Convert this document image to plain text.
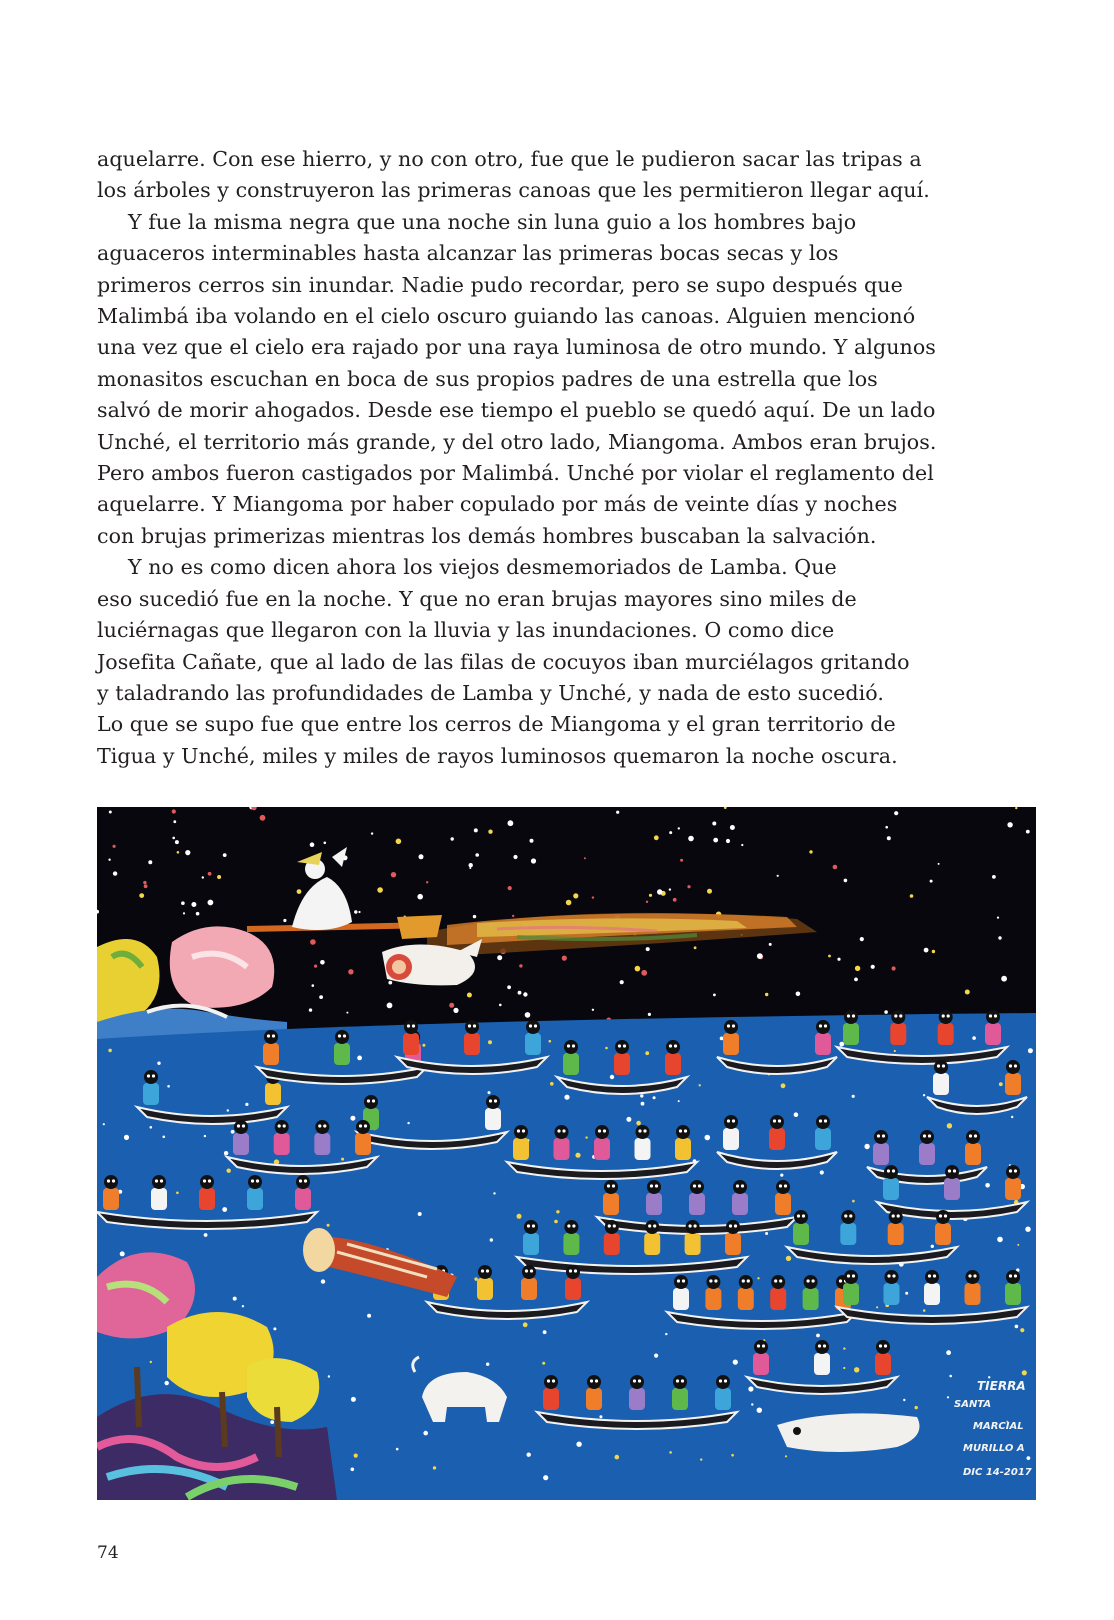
aquelarre. Con ese hierro, y no con otro, fue que le pudieron sacar las tripas a
los árboles y construyeron las primeras canoas que les permitieron llegar aquí.
Y fue la misma negra que una noche sin luna guio a los hombres bajo
aguaceros interminables hasta alcanzar las primeras bocas secas y los
primeros cerros sin inundar. Nadie pudo recordar, pero se supo después que
Malimbá iba volando en el cielo oscuro guiando las canoas. Alguien mencionó
una vez que el cielo era rajado por una raya luminosa de otro mundo. Y algunos
monasitos escuchan en boca de sus propios padres de una estrella que los
salvó de morir ahogados. Desde ese tiempo el pueblo se quedó aquí. De un lado
Unché, el territorio más grande, y del otro lado, Miangoma. Ambos eran brujos.
Pero ambos fueron castigados por Malimbá. Unché por violar el reglamento del
aquelarre. Y Miangoma por haber copulado por más de veinte días y noches
con brujas primerizas mientras los demás hombres buscaban la salvación.
Y no es como dicen ahora los viejos desmemoriados de Lamba. Que
eso sucedió fue en la noche. Y que no eran brujas mayores sino miles de
luciérnagas que llegaron con la lluvia y las inundaciones. O como dice
Josefita Cañate, que al lado de las filas de cocuyos iban murciélagos gritando
y taladrando las profundidades de Lamba y Unché, y nada de esto sucedió.
Lo que se supo fue que entre los cerros de Miangoma y el gran territorio de
Tigua y Unché, miles y miles de rayos luminosos quemaron la noche oscura.
TIERRA
SANTA
MARCIAL
MURILLO A
DIC 14-2017
74
